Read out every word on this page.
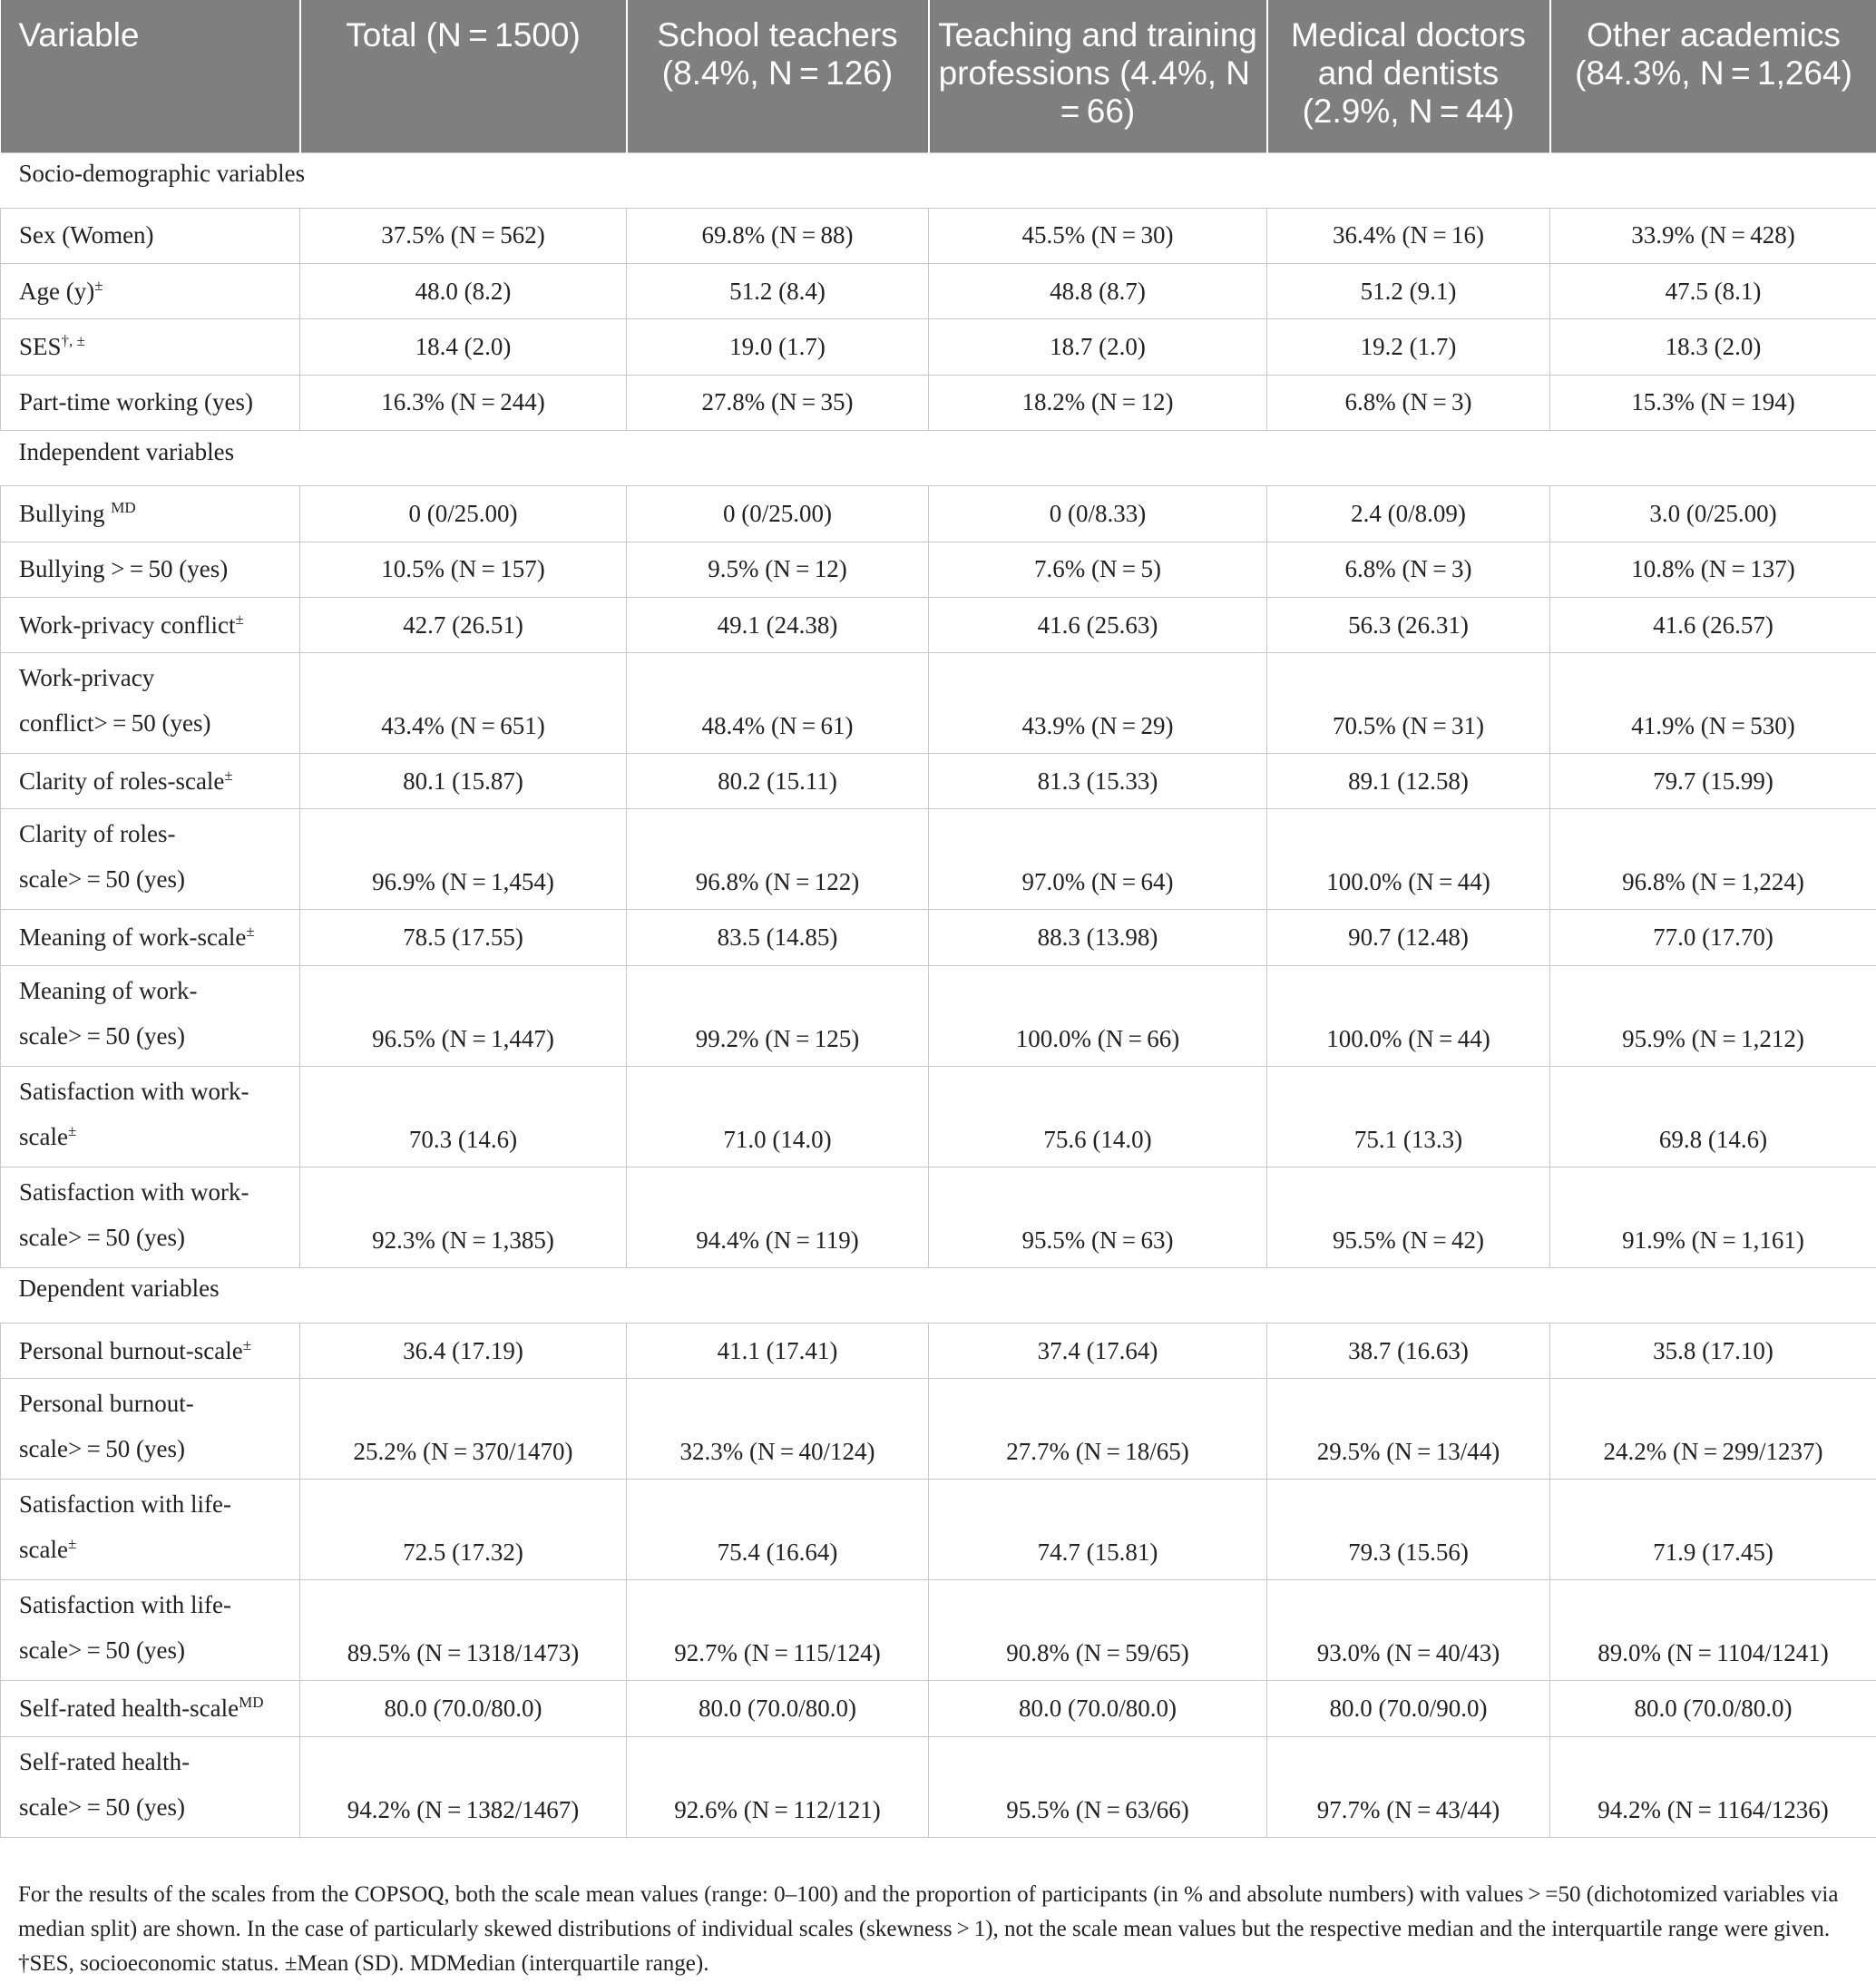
Variable	Total (N = 1500)	School teachers (8.4%, N = 126)	Teaching and training professions (4.4%, N = 66)	Medical doctors and dentists (2.9%, N = 44)	Other academics (84.3%, N = 1,264)
Socio-demographic variables					
Sex (Women)	37.5% (N = 562)	69.8% (N = 88)	45.5% (N = 30)	36.4% (N = 16)	33.9% (N = 428)
Age (y)±	48.0 (8.2)	51.2 (8.4)	48.8 (8.7)	51.2 (9.1)	47.5 (8.1)
SES†, ±	18.4 (2.0)	19.0 (1.7)	18.7 (2.0)	19.2 (1.7)	18.3 (2.0)
Part-time working (yes)	16.3% (N = 244)	27.8% (N = 35)	18.2% (N = 12)	6.8% (N = 3)	15.3% (N = 194)
Independent variables					
Bullying $^{MD}$	0 (0/25.00)	0 (0/25.00)	0 (0/8.33)	2.4 (0/8.09)	3.0 (0/25.00)
Bullying > = 50 (yes)	10.5% (N = 157)	9.5% (N = 12)	7.6% (N = 5)	6.8% (N = 3)	10.8% (N = 137)
Work-privacy conflict±	42.7 (26.51)	49.1 (24.38)	41.6 (25.63)	56.3 (26.31)	41.6 (26.57)
Work-privacy
conflict> = 50 (yes)	43.4% (N = 651)	48.4% (N = 61)	43.9% (N = 29)	70.5% (N = 31)	41.9% (N = 530)
Clarity of roles-scale±	80.1 (15.87)	80.2 (15.11)	81.3 (15.33)	89.1 (12.58)	79.7 (15.99)
Clarity of roles-
scale> = 50 (yes)	96.9% (N = 1,454)	96.8% (N = 122)	97.0% (N = 64)	100.0% (N = 44)	96.8% (N = 1,224)
Meaning of work-scale±	78.5 (17.55)	83.5 (14.85)	88.3 (13.98)	90.7 (12.48)	77.0 (17.70)
Meaning of work-
scale> = 50 (yes)	96.5% (N = 1,447)	99.2% (N = 125)	100.0% (N = 66)	100.0% (N = 44)	95.9% (N = 1,212)
Satisfaction with work-
scale±	70.3 (14.6)	71.0 (14.0)	75.6 (14.0)	75.1 (13.3)	69.8 (14.6)
Satisfaction with work-
scale> = 50 (yes)	92.3% (N = 1,385)	94.4% (N = 119)	95.5% (N = 63)	95.5% (N = 42)	91.9% (N = 1,161)
Dependent variables					
Personal burnout-scale±	36.4 (17.19)	41.1 (17.41)	37.4 (17.64)	38.7 (16.63)	35.8 (17.10)
Personal burnout-
scale> = 50 (yes)	25.2% (N = 370/1470)	32.3% (N = 40/124)	27.7% (N = 18/65)	29.5% (N = 13/44)	24.2% (N = 299/1237)
Satisfaction with life-
scale±	72.5 (17.32)	75.4 (16.64)	74.7 (15.81)	79.3 (15.56)	71.9 (17.45)
Satisfaction with life-
scale> = 50 (yes)	89.5% (N = 1318/1473)	92.7% (N = 115/124)	90.8% (N = 59/65)	93.0% (N = 40/43)	89.0% (N = 1104/1241)
Self-rated health-scale$^{MD}$	80.0 (70.0/80.0)	80.0 (70.0/80.0)	80.0 (70.0/80.0)	80.0 (70.0/90.0)	80.0 (70.0/80.0)
Self-rated health-
scale> = 50 (yes)	94.2% (N = 1382/1467)	92.6% (N = 112/121)	95.5% (N = 63/66)	97.7% (N = 43/44)	94.2% (N = 1164/1236)
For the results of the scales from the COPSOQ, both the scale mean values (range: 0–100) and the proportion of participants (in % and absolute numbers) with values > =50 (dichotomized variables via median split) are shown. In the case of particularly skewed distributions of individual scales (skewness > 1), not the scale mean values but the respective median and the interquartile range were given. †SES, socioeconomic status. ±Mean (SD). MDMedian (interquartile range).
